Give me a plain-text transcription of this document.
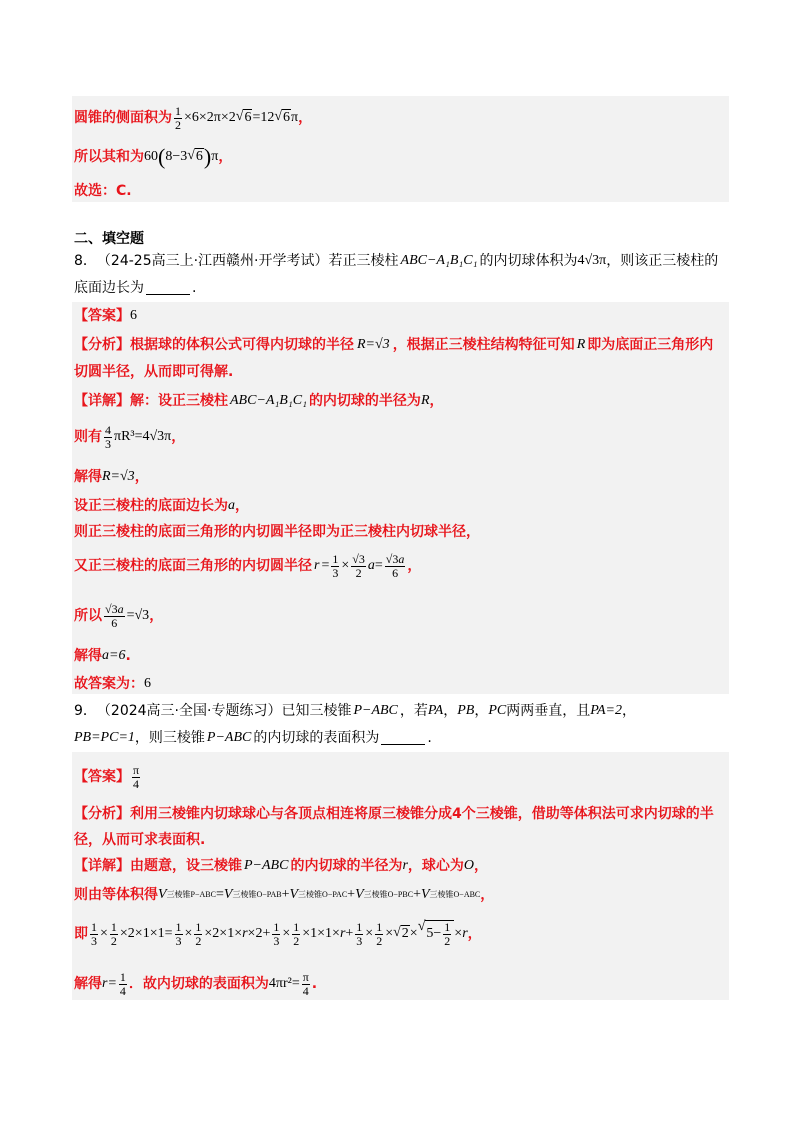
圆锥的侧面积为 $\frac{1}{2} \times 6\times 2\pi\times 2$ √ 6 =12 √ 6 π ，
所以其和为 60 ( 8−3 √ 6 ) π ，
故选：C.
二、填空题
8． （24-25高三上·江西赣州·开学考试）若正三棱柱 ABC−A₁B₁C₁ 的内切球体积为 4√3π ，则该正三棱柱的
底面边长为	.
【答案】 6
【分析】 根据球的体积公式可得内切球的半径 R=√3 ，根据正三棱柱结构特征可知 R 即为底面正三角形内
切圆半径，从而即可得解.
【详解】 解：设正三棱柱 ABC−A₁B₁C₁ 的内切球的半径为 R ，
则有 $\frac{4}{3} \pi R^3=4√3\pi$ ，
解得 R=√3 ，
设正三棱柱的底面边长为 a ，
则正三棱柱的底面三角形的内切圆半径即为正三棱柱内切球半径，
又正三棱柱的底面三角形的内切圆半径 $r = \frac{1}{3} \times \frac{√3}{2}$ $a = \frac{√3a}{6}$ ，
所以 $\frac{√3a}{6} =√3$ ，
解得 a=6 .
故答案为： 6
9． （2024高三·全国·专题练习）已知三棱锥 P−ABC ，若 PA ， PB ， PC 两两垂直，且 PA=2 ，
PB=PC=1 ，则三棱锥 P−ABC 的内切球的表面积为	.
【答案】 $\frac{\pi}{4}$
【分析】 利用三棱锥内切球球心与各顶点相连将原三棱锥分成4个三棱锥，借助等体积法可求内切球的半
径，从而可求表面积.
【详解】 由题意，设三棱锥 P−ABC 的内切球的半径为 r ，球心为 O ，
则由等体积得 V 三棱锥P−ABC = V 三棱锥O−PAB + V 三棱锥O−PAC + V 三棱锥O−PBC + V 三棱锥O−ABC ，
即 $\frac{1}{3} \times \frac{1}{2} \times 2\times 1\times 1= \frac{1}{3} \times \frac{1}{2} \times 2\times 1\times r\times 2+ \frac{1}{3} \times \frac{1}{2} \times 1\times 1\times r+ \frac{1}{3} \times \frac{1}{2}$ × √ 2 × √ $5- \frac{1}{2} \times r$ ，
解得 $r= \frac{1}{4}$ ．故内切球的表面积为 $4\pi r^2= \frac{\pi}{4}$ .
